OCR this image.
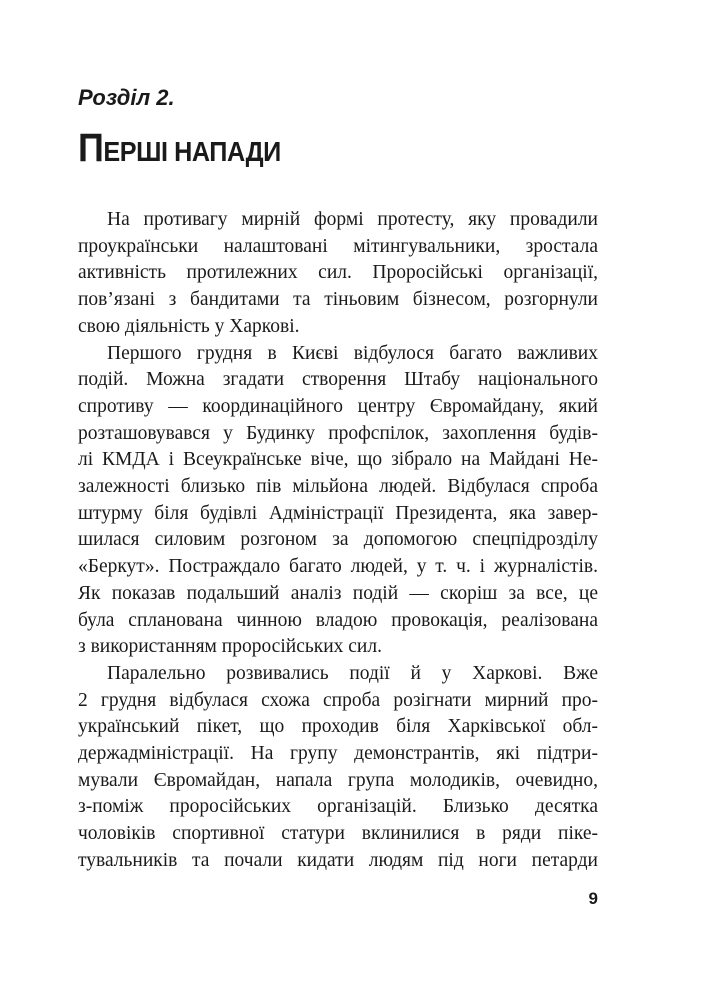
Розділ 2.
ПЕРШІ НАПАДИ

На противагу мирній формі протесту, яку провадили
проукраїнськи налаштовані мітингувальники, зростала
активність протилежних сил. Проросійські організації,
пов’язані з бандитами та тіньовим бізнесом, розгорнули
свою діяльність у Харкові.

Першого грудня в Києві відбулося багато важливих
подій. Можна згадати створення Штабу національного
спротиву — координаційного центру Євромайдану, який
розташовувався у Будинку профспілок, захоплення будів-
лі КМДА і Всеукраїнське віче, що зібрало на Майдані Не-
залежності близько пів мільйона людей. Відбулася спроба
штурму біля будівлі Адміністрації Президента, яка завер-
шилася силовим розгоном за допомогою спецпідрозділу
«Беркут». Постраждало багато людей, у т. ч. і журналістів.
Як показав подальший аналіз подій — скоріш за все, це
була спланована чинною владою провокація, реалізована
з використанням проросійських сил.

Паралельно розвивались події й у Харкові. Вже
2 грудня відбулася схожа спроба розігнати мирний про-
український пікет, що проходив біля Харківської обл-
держадміністрації. На групу демонстрантів, які підтри-
мували Євромайдан, напала група молодиків, очевидно,
з-поміж проросійських організацій. Близько десятка
чоловіків спортивної статури вклинилися в ряди піке-
тувальників та почали кидати людям під ноги петарди

9
